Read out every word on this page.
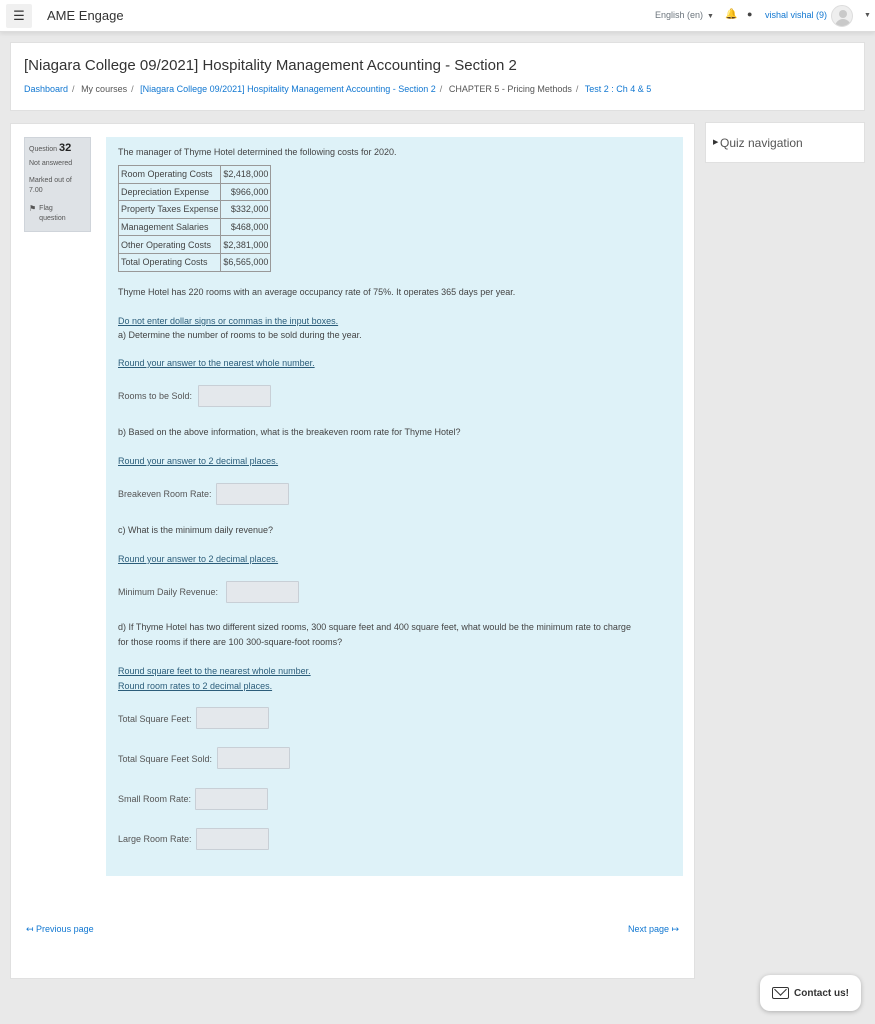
☰ AME Engage	English (en) ▼ 🔔 ● vishal vishal (9)	▼
[Niagara College 09/2021] Hospitality Management Accounting - Section 2
Dashboard / My courses / [Niagara College 09/2021] Hospitality Management Accounting - Section 2 / CHAPTER 5 - Pricing Methods / Test 2 : Ch 4 & 5
Question 32
Not answered
Marked out of
7.00
⚑ Flag
question
The manager of Thyme Hotel determined the following costs for 2020.
Room Operating Costs	$2,418,000
Depreciation Expense	$966,000
Property Taxes Expense	$332,000
Management Salaries	$468,000
Other Operating Costs	$2,381,000
Total Operating Costs	$6,565,000
Thyme Hotel has 220 rooms with an average occupancy rate of 75%. It operates 365 days per year.
Do not enter dollar signs or commas in the input boxes.
a) Determine the number of rooms to be sold during the year.
Round your answer to the nearest whole number.
Rooms to be Sold:
b) Based on the above information, what is the breakeven room rate for Thyme Hotel?
Round your answer to 2 decimal places.
Breakeven Room Rate:
c) What is the minimum daily revenue?
Round your answer to 2 decimal places.
Minimum Daily Revenue:
d) If Thyme Hotel has two different sized rooms, 300 square feet and 400 square feet, what would be the minimum rate to charge
for those rooms if there are 100 300-square-foot rooms?
Round square feet to the nearest whole number.
Round room rates to 2 decimal places.
Total Square Feet:
Total Square Feet Sold:
Small Room Rate:
Large Room Rate:
↤ Previous page	Next page ↦
▶ Quiz navigation
Contact us!
